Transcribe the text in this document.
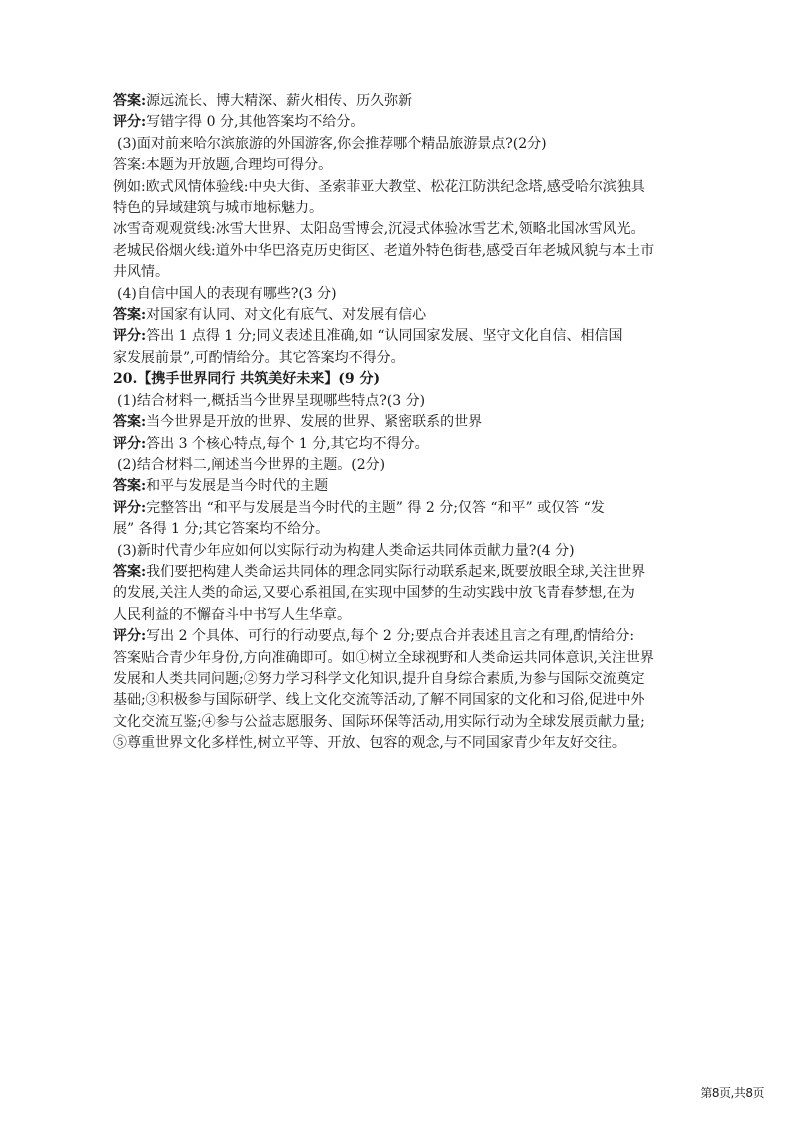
答案:源远流长、博大精深、薪火相传、历久弥新

评分:写错字得 0 分,其他答案均不给分。

(3)面对前来哈尔滨旅游的外国游客,你会推荐哪个精品旅游景点?(2分)

答案:本题为开放题,合理均可得分。

例如:欧式风情体验线:中央大街、圣索菲亚大教堂、松花江防洪纪念塔,感受哈尔滨独具

特色的异域建筑与城市地标魅力。

冰雪奇观观赏线:冰雪大世界、太阳岛雪博会,沉浸式体验冰雪艺术,领略北国冰雪风光。

老城民俗烟火线:道外中华巴洛克历史街区、老道外特色街巷,感受百年老城风貌与本土市

井风情。

(4)自信中国人的表现有哪些?(3 分)

答案:对国家有认同、对文化有底气、对发展有信心

评分:答出 1 点得 1 分;同义表述且准确,如 “认同国家发展、坚守文化自信、相信国

家发展前景”,可酌情给分。其它答案均不得分。

20.【携手世界同行 共筑美好未来】(9 分)

(1)结合材料一,概括当今世界呈现哪些特点?(3 分)

答案:当今世界是开放的世界、发展的世界、紧密联系的世界

评分:答出 3 个核心特点,每个 1 分,其它均不得分。

(2)结合材料二,阐述当今世界的主题。(2分)

答案:和平与发展是当今时代的主题

评分:完整答出 “和平与发展是当今时代的主题” 得 2 分;仅答 “和平” 或仅答 “发

展” 各得 1 分;其它答案均不给分。

(3)新时代青少年应如何以实际行动为构建人类命运共同体贡献力量?(4 分)

答案:我们要把构建人类命运共同体的理念同实际行动联系起来,既要放眼全球,关注世界

的发展,关注人类的命运,又要心系祖国,在实现中国梦的生动实践中放飞青春梦想,在为

人民利益的不懈奋斗中书写人生华章。

评分:写出 2 个具体、可行的行动要点,每个 2 分;要点合并表述且言之有理,酌情给分:

答案贴合青少年身份,方向准确即可。如①树立全球视野和人类命运共同体意识,关注世界

发展和人类共同问题;②努力学习科学文化知识,提升自身综合素质,为参与国际交流奠定

基础;③积极参与国际研学、线上文化交流等活动,了解不同国家的文化和习俗,促进中外

文化交流互鉴;④参与公益志愿服务、国际环保等活动,用实际行动为全球发展贡献力量;

⑤尊重世界文化多样性,树立平等、开放、包容的观念,与不同国家青少年友好交往。

第8页,共8页
